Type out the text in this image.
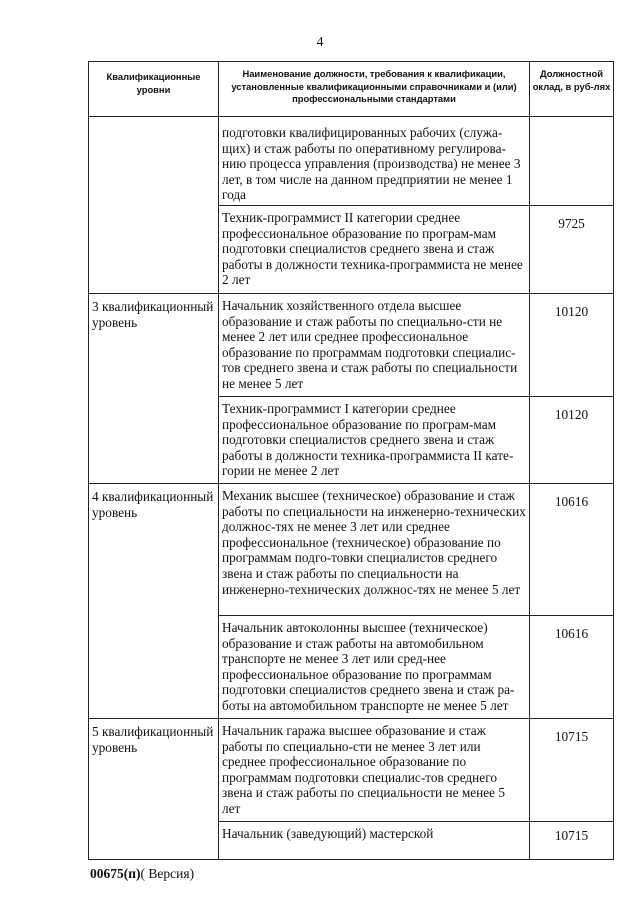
4
Квалификационные уровни	Наименование должности, требования к квалификации, установленные квалификационными справочниками и (или) профессиональными стандартами	Должностной оклад, в руб-лях

	подготовки квалифицированных рабочих (служа-щих) и стаж работы по оперативному регулирова-нию процесса управления (производства) не менее 3 лет, в том числе на данном предприятии не менее 1 года	

	Техник-программист II категории среднее профессиональное образование по програм-мам подготовки специалистов среднего звена и стаж работы в должности техника-программиста не менее 2 лет	9725

3 квалификационный уровень	Начальник хозяйственного отдела высшее образование и стаж работы по специально-сти не менее 2 лет или среднее профессиональное образование по программам подготовки специалис-тов среднего звена и стаж работы по специальности не менее 5 лет	10120

	Техник-программист I категории среднее профессиональное образование по програм-мам подготовки специалистов среднего звена и стаж работы в должности техника-программиста II кате-гории не менее 2 лет	10120

4 квалификационный уровень	Механик высшее (техническое) образование и стаж работы по специальности на инженерно-технических должнос-тях не менее 3 лет или среднее профессиональное (техническое) образование по программам подго-товки специалистов среднего звена и стаж работы по специальности на инженерно-технических должнос-тях не менее 5 лет	10616

	Начальник автоколонны высшее (техническое) образование и стаж работы на автомобильном транспорте не менее 3 лет или сред-нее профессиональное образование по программам подготовки специалистов среднего звена и стаж ра-боты на автомобильном транспорте не менее 5 лет	10616

5 квалификационный уровень	Начальник гаража высшее образование и стаж работы по специально-сти не менее 3 лет или среднее профессиональное образование по программам подготовки специалис-тов среднего звена и стаж работы по специальности не менее 5 лет	10715

	Начальник (заведующий) мастерской	10715
00675(п)( Версия)
